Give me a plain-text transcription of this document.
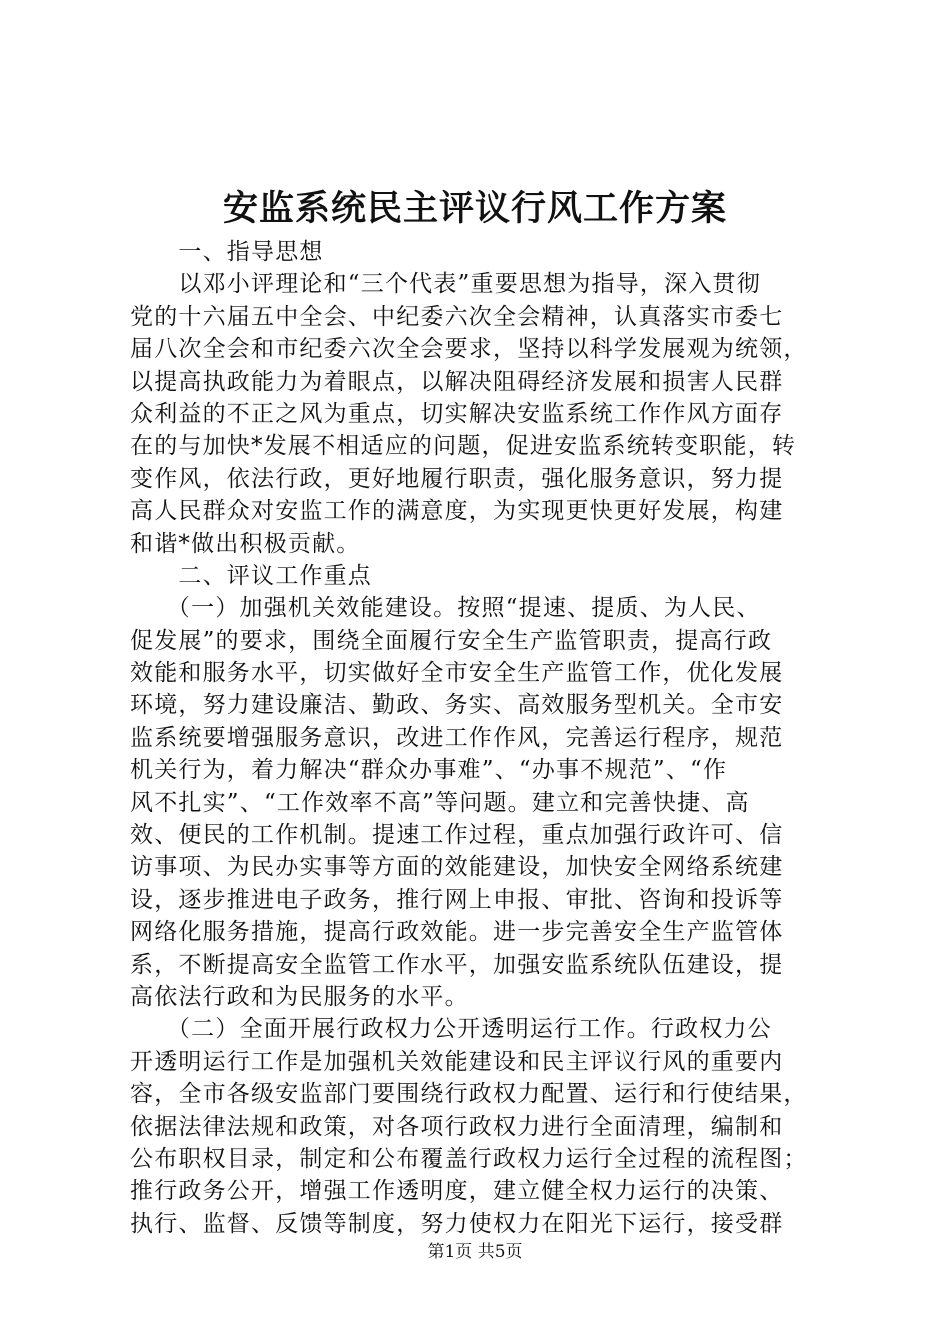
安监系统民主评议行风工作方案
　　一、指导思想
　　以邓小评理论和“三个代表”重要思想为指导，深入贯彻
党的十六届五中全会、中纪委六次全会精神，认真落实市委七
届八次全会和市纪委六次全会要求，坚持以科学发展观为统领，
以提高执政能力为着眼点，以解决阻碍经济发展和损害人民群
众利益的不正之风为重点，切实解决安监系统工作作风方面存
在的与加快*发展不相适应的问题，促进安监系统转变职能，转
变作风，依法行政，更好地履行职责，强化服务意识，努力提
高人民群众对安监工作的满意度，为实现更快更好发展，构建
和谐*做出积极贡献。
　　二、评议工作重点
　　（一）加强机关效能建设。按照“提速、提质、为人民、
促发展”的要求，围绕全面履行安全生产监管职责，提高行政
效能和服务水平，切实做好全市安全生产监管工作，优化发展
环境，努力建设廉洁、勤政、务实、高效服务型机关。全市安
监系统要增强服务意识，改进工作作风，完善运行程序，规范
机关行为，着力解决“群众办事难”、“办事不规范”、“作
风不扎实”、“工作效率不高”等问题。建立和完善快捷、高
效、便民的工作机制。提速工作过程，重点加强行政许可、信
访事项、为民办实事等方面的效能建设，加快安全网络系统建
设，逐步推进电子政务，推行网上申报、审批、咨询和投诉等
网络化服务措施，提高行政效能。进一步完善安全生产监管体
系，不断提高安全监管工作水平，加强安监系统队伍建设，提
高依法行政和为民服务的水平。
　　（二）全面开展行政权力公开透明运行工作。行政权力公
开透明运行工作是加强机关效能建设和民主评议行风的重要内
容，全市各级安监部门要围绕行政权力配置、运行和行使结果，
依据法律法规和政策，对各项行政权力进行全面清理，编制和
公布职权目录，制定和公布覆盖行政权力运行全过程的流程图；
推行政务公开，增强工作透明度，建立健全权力运行的决策、
执行、监督、反馈等制度，努力使权力在阳光下运行，接受群
第1页 共5页
